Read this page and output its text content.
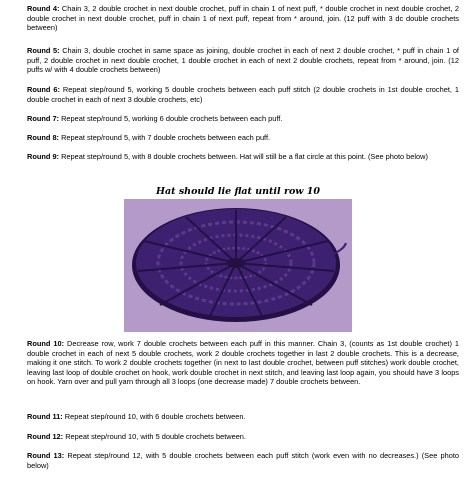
Round 4: Chain 3, 2 double crochet in next double crochet, puff in chain 1 of next puff, * double crochet in next double crochet, 2 double crochet in next double crochet, puff in chain 1 of next puff, repeat from * around, join. (12 puff with 3 dc double crochets between)

Round 5: Chain 3, double crochet in same space as joining, double crochet in each of next 2 double crochet, * puff in chain 1 of puff, 2 double crochet in next double crochet, 1 double crochet in each of next 2 double crochets, repeat from * around, join. (12 puffs w/ with 4 double crochets between)

Round 6: Repeat step/round 5, working 5 double crochets between each puff stitch (2 double crochets in 1st double crochet, 1 double crochet in each of next 3 double crochets, etc)

Round 7: Repeat step/round 5, working 6 double crochets between each puff.

Round 8: Repeat step/round 5, with 7 double crochets between each puff.

Round 9: Repeat step/round 5, with 8 double crochets between. Hat will still be a flat circle at this point. (See photo below)

Hat should lie flat until row 10

Round 10: Decrease row, work 7 double crochets between each puff in this manner. Chain 3, (counts as 1st double crochet) 1 double crochet in each of next 5 double crochets, work 2 double crochets together in last 2 double crochets. This is a decrease, making it one stitch. To work 2 double crochets together (in next to last double crochet, between puff stitches) work double crochet, leaving last loop of double crochet on hook, work double crochet in next stitch, and leaving last loop again, you should have 3 loops on hook. Yarn over and pull yarn through all 3 loops (one decrease made) 7 double crochets between.

Round 11: Repeat step/round 10, with 6 double crochets between.

Round 12: Repeat step/round 10, with 5 double crochets between.

Round 13: Repeat step/round 12, with 5 double crochets between each puff stitch (work even with no decreases.) (See photo below)
